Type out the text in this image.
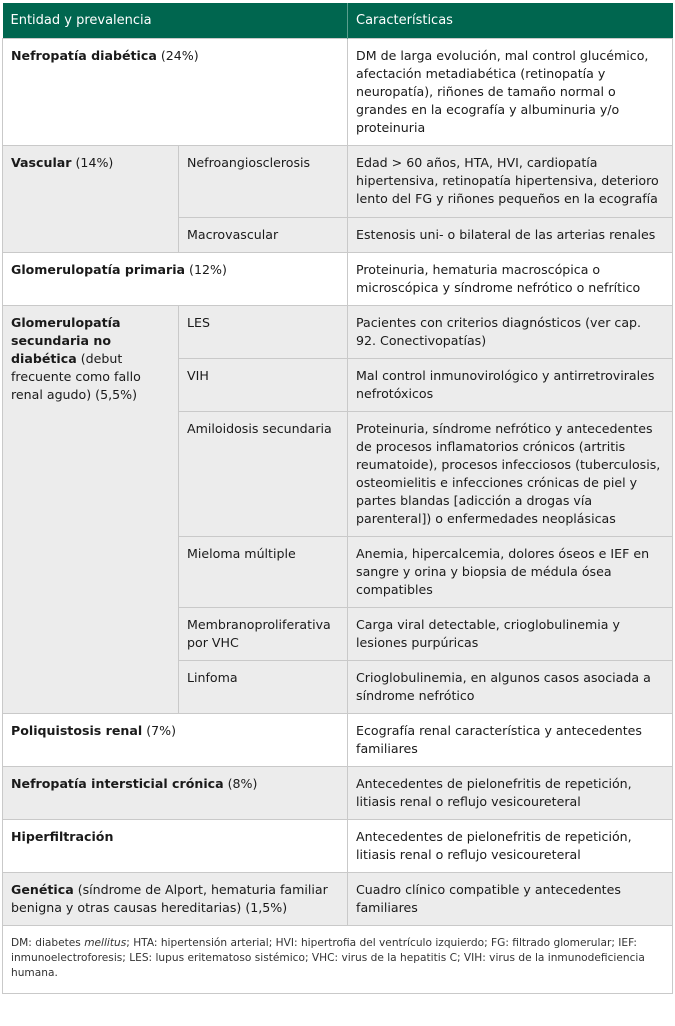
Entidad y prevalencia		Características
Nefropatía diabética (24%)		DM de larga evolución, mal control glucémico, afectación metadiabética (retinopatía y neuropatía), riñones de tamaño normal o grandes en la ecografía y albuminuria y/o proteinuria
Vascular (14%)	Nefroangiosclerosis	Edad > 60 años, HTA, HVI, cardiopatía hipertensiva, retinopatía hipertensiva, deterioro lento del FG y riñones pequeños en la ecografía
	Macrovascular	Estenosis uni- o bilateral de las arterias renales
Glomerulopatía primaria (12%)		Proteinuria, hematuria macroscópica o microscópica y síndrome nefrótico o nefrítico
Glomerulopatía secundaria no diabética (debut frecuente como fallo renal agudo) (5,5%)	LES	Pacientes con criterios diagnósticos (ver cap. 92. Conectivopatías)
	VIH	Mal control inmunovirológico y antirretrovirales nefrotóxicos
	Amiloidosis secundaria	Proteinuria, síndrome nefrótico y antecedentes de procesos inflamatorios crónicos (artritis reumatoide), procesos infecciosos (tuberculosis, osteomielitis e infecciones crónicas de piel y partes blandas [adicción a drogas vía parenteral]) o enfermedades neoplásicas
	Mieloma múltiple	Anemia, hipercalcemia, dolores óseos e IEF en sangre y orina y biopsia de médula ósea compatibles
	Membranoproliferativa por VHC	Carga viral detectable, crioglobulinemia y lesiones purpúricas
	Linfoma	Crioglobulinemia, en algunos casos asociada a síndrome nefrótico
Poliquistosis renal (7%)		Ecografía renal característica y antecedentes familiares
Nefropatía intersticial crónica (8%)		Antecedentes de pielonefritis de repetición, litiasis renal o reflujo vesicoureteral
Hiperfiltración		Antecedentes de pielonefritis de repetición, litiasis renal o reflujo vesicoureteral
Genética (síndrome de Alport, hematuria familiar benigna y otras causas hereditarias) (1,5%)		Cuadro clínico compatible y antecedentes familiares
DM: diabetes mellitus; HTA: hipertensión arterial; HVI: hipertrofia del ventrículo izquierdo; FG: filtrado glomerular; IEF: inmunoelectroforesis; LES: lupus eritematoso sistémico; VHC: virus de la hepatitis C; VIH: virus de la inmunodeficiencia humana.		
